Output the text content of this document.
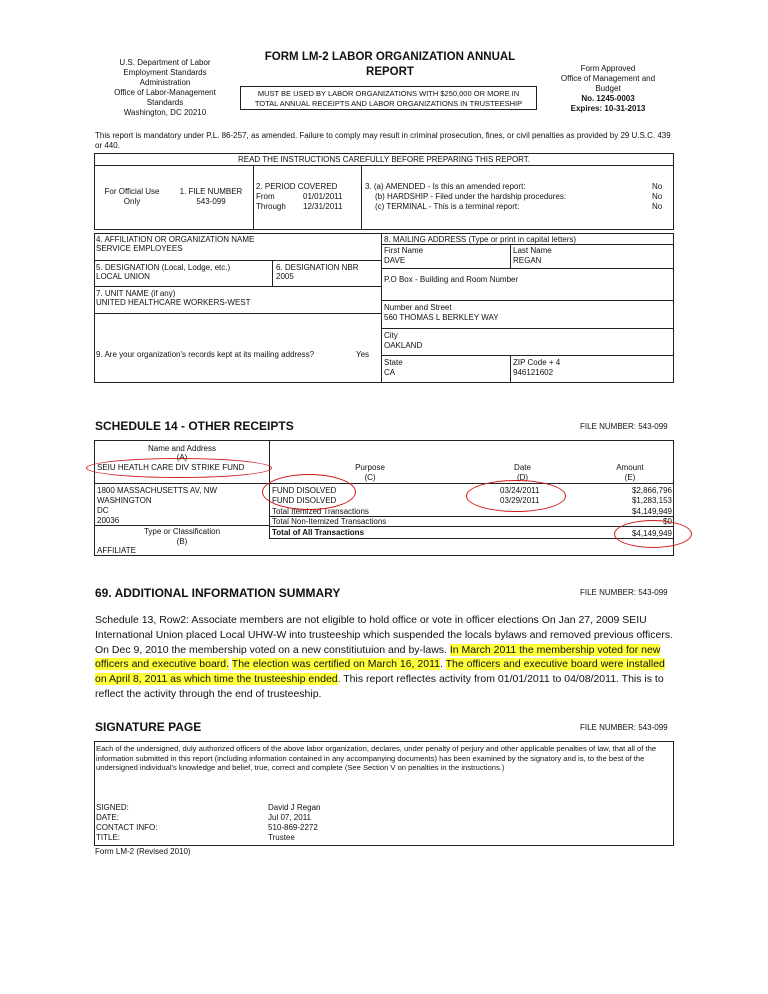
U.S. Department of Labor
Employment Standards
Administration
Office of Labor-Management
Standards
Washington, DC 20210
FORM LM-2 LABOR ORGANIZATION ANNUAL
REPORT
MUST BE USED BY LABOR ORGANIZATIONS WITH $250,000 OR MORE IN
TOTAL ANNUAL RECEIPTS AND LABOR ORGANIZATIONS IN TRUSTEESHIP
Form Approved
Office of Management and
Budget
No. 1245-0003
Expires: 10-31-2013
This report is mandatory under P.L. 86-257, as amended. Failure to comply may result in criminal prosecution, fines, or civil penalties as provided by 29 U.S.C. 439 or 440.
READ THE INSTRUCTIONS CAREFULLY BEFORE PREPARING THIS REPORT.
For Official Use Only
1. FILE NUMBER
543-099
2. PERIOD COVERED
From	01/01/2011
Through 12/31/2011
3. (a) AMENDED - Is this an amended report:
(b) HARDSHIP - Filed under the hardship procedures:
(c) TERMINAL - This is a terminal report:
No
No
No
4. AFFILIATION OR ORGANIZATION NAME
SERVICE EMPLOYEES
5. DESIGNATION (Local, Lodge, etc.)
LOCAL UNION
6. DESIGNATION NBR
2005
7. UNIT NAME (if any)
UNITED HEALTHCARE WORKERS-WEST
9. Are your organization's records kept at its mailing address?	Yes
8. MAILING ADDRESS (Type or print in capital letters)
First Name
DAVE
Last Name
REGAN
P.O Box - Building and Room Number
Number and Street
560 THOMAS L BERKLEY WAY
City
OAKLAND
State
CA
ZIP Code + 4
946121602
SCHEDULE 14 - OTHER RECEIPTS	FILE NUMBER: 543-099
Name and Address
(A)
SEIU HEATLH CARE DIV STRIKE FUND	Purpose
(C)
Date
(D)
Amount
(E)
1800 MASSACHUSETTS AV, NW
WASHINGTON
DC
20036
Type or Classification
(B)
AFFILIATE
FUND DISOLVED	03/24/2011	$2,866,796
FUND DISOLVED	03/29/2011	$1,283,153
Total Itemized Transactions	$4,149,949
Total Non-Itemized Transactions	$0
Total of All Transactions	$4,149,949
69. ADDITIONAL INFORMATION SUMMARY	FILE NUMBER: 543-099
Schedule 13, Row2: Associate members are not eligible to hold office or vote in officer elections On Jan 27, 2009 SEIU International Union placed Local UHW-W into trusteeship which suspended the locals bylaws and removed previous officers. On Dec 9, 2010 the membership voted on a new constitiutuion and by-laws. In March 2011 the membership voted for new officers and executive board. The election was certified on March 16, 2011. The officers and executive board were installed on April 8, 2011 as which time the trusteeship ended. This report reflectes activity from 01/01/2011 to 04/08/2011. This is to reflect the activity through the end of trusteeship.
SIGNATURE PAGE	FILE NUMBER: 543-099
Each of the undersigned, duly authorized officers of the above labor organization, declares, under penalty of perjury and other applicable penalties of law, that all of the information submitted in this report (including information contained in any accompanying documents) has been examined by the signatory and is, to the best of the undersigned individual's knowledge and belief, true, correct and complete (See Section V on penalties in the instructions.)
SIGNED:	David J Regan
DATE:	Jul 07, 2011
CONTACT INFO:	510-869-2272
TITLE:	Trustee
Form LM-2 (Revised 2010)
